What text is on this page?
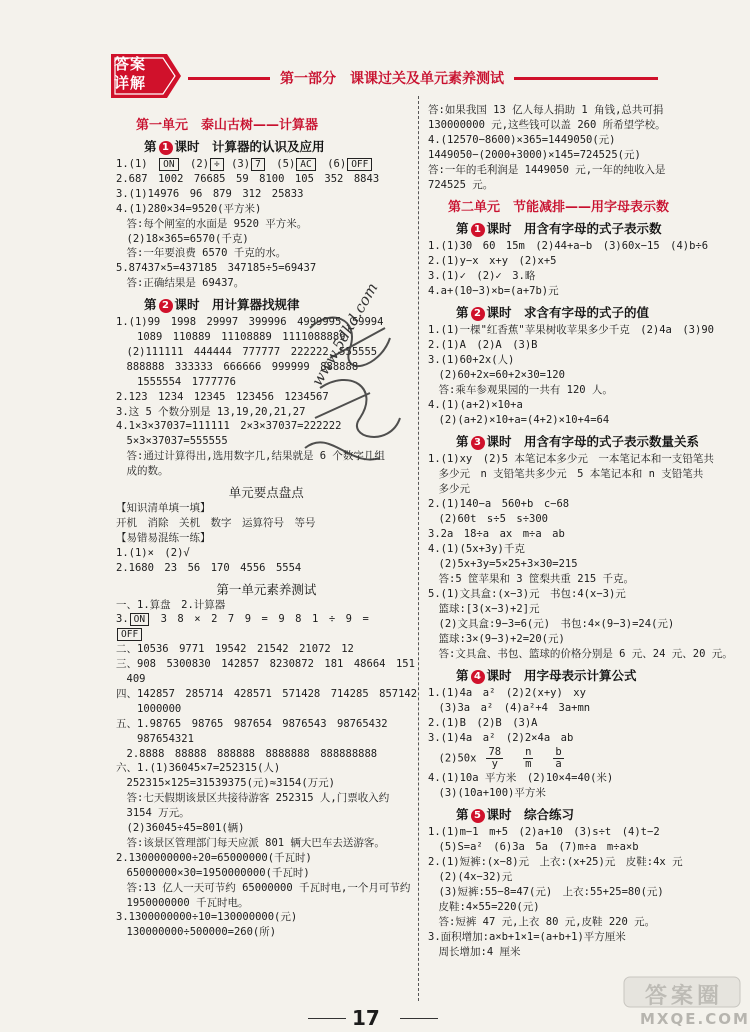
答案详解	第一部分　课课过关及单元素养测试
第一单元　泰山古树——计算器
第 1 课时　计算器的认识及应用
1.(1)　 ON　(2) ÷ (3) 7　(5) AC　(6) OFF
2.687　1002　76685　59　8100　105　352　8843
3.(1)14976　96　879　312　25833
4.(1)280×34=9520(平方米)
　答:每个闸室的水面是 9520 平方米。
　(2)18×365=6570(千克)
　答:一年要浪费 6570 千克的水。
5.87437×5=437185　347185÷5=69437
　答:正确结果是 69437。
第 2 课时　用计算器找规律
1.(1)99　1998　29997　399996　4999995　59994
　　1089　110889　11108889　1111088889
　(2)111111　444444　777777　222222　555555
　888888　333333　666666　999999　888888
　　1555554　1777776
2.123　1234　12345　123456　1234567
3.这 5 个数分别是 13,19,20,21,27
4.1×3×37037=111111　2×3×37037=222222
　5×3×37037=555555
　答:通过计算得出,选用数字几,结果就是 6 个数字几组
　成的数。
单元要点盘点
【知识清单填一填】
开机　消除　关机　数字　运算符号　等号
【易错易混练一练】
1.(1)×　(2)√
2.1680　23　56　170　4556　5554
第一单元素养测试
一、1.算盘　2.计算器
3. ON　3　8　×　2　7　9　=　9　8　1　÷　9　=
OFF
二、10536　9771　19542　21542　21072　12
三、908　5300830　142857　8230872　181　48664　151
　409
四、142857　285714　428571　571428　714285　857142
　　1000000
五、1.98765　98765　987654　9876543　98765432
　　987654321
　2.8888　88888　888888　8888888　888888888
六、1.(1)36045×7=252315(人)
　252315×125=31539375(元)≈3154(万元)
　答:七天假期该景区共接待游客 252315 人,门票收入约
　3154 万元。
　(2)36045÷45=801(辆)
　答:该景区管理部门每天应派 801 辆大巴车去送游客。
2.1300000000÷20=65000000(千瓦时)
　65000000×30=1950000000(千瓦时)
　答:13 亿人一天可节约 65000000 千瓦时电,一个月可节约
　1950000000 千瓦时电。
3.1300000000÷10=130000000(元)
　130000000÷500000=260(所)
答:如果我国 13 亿人每人捐助 1 角钱,总共可捐
130000000 元,这些钱可以盖 260 所希望学校。
4.(12570−8600)×365=1449050(元)
1449050−(2000+3000)×145=724525(元)
答:一年的毛利润是 1449050 元,一年的纯收入是
724525 元。
第二单元　节能减排——用字母表示数
第 1 课时　用含有字母的式子表示数
1.(1)30　60　15m　(2)44+a−b　(3)60x−15　(4)b÷6
2.(1)y−x　x+y　(2)x+5
3.(1)✓　(2)✓　3.略
4.a+(10−3)×b=(a+7b)元
第 2 课时　求含有字母的式子的值
1.(1)一棵"红香蕉"苹果树收苹果多少千克　(2)4a　(3)90
2.(1)A　(2)A　(3)B
3.(1)60+2x(人)
　(2)60+2x=60+2×30=120
　答:乘车参观果园的一共有 120 人。
4.(1)(a+2)×10+a
　(2)(a+2)×10+a=(4+2)×10+4=64
第 3 课时　用含有字母的式子表示数量关系
1.(1)xy　(2)5 本笔记本多少元　一本笔记本和一支铅笔共
　多少元　n 支铅笔共多少元　5 本笔记本和 n 支铅笔共
　多少元
2.(1)140−a　560+b　c−68
　(2)60t　s÷5　s÷300
3.2a　18÷a　ax　m÷a　ab
4.(1)(5x+3y)千克
　(2)5x+3y=5×25+3×30=215
　答:5 筐苹果和 3 筐梨共重 215 千克。
5.(1)文具盒:(x−3)元　书包:4(x−3)元
　篮球:[3(x−3)+2]元
　(2)文具盒:9−3=6(元)　书包:4×(9−3)=24(元)
　篮球:3×(9−3)+2=20(元)
　答:文具盒、书包、篮球的价格分别是 6 元、24 元、20 元。
第 4 课时　用字母表示计算公式
1.(1)4a　a²　(2)2(x+y)　xy
　(3)3a　a²　(4)a²+4　3a+mn
2.(1)B　(2)B　(3)A
3.(1)4a　a²　(2)2×4a　ab
　$(2)50x \frac{78}{y} \frac{n}{m} \frac{b}{a}$
4.(1)10a 平方米　(2)10×4=40(米)
　(3)(10a+100)平方米
第 5 课时　综合练习
1.(1)m−1　m+5　(2)a+10　(3)s÷t　(4)t−2
　(5)S=a²　(6)3a　5a　(7)m÷a　m÷a×b
2.(1)短裤:(x−8)元　上衣:(x+25)元　皮鞋:4x 元
　(2)(4x−32)元
　(3)短裤:55−8=47(元)　上衣:55+25=80(元)
　皮鞋:4×55=220(元)
　答:短裤 47 元,上衣 80 元,皮鞋 220 元。
3.面积增加:a×b+1×1=(a+b+1)平方厘米
　周长增加:4 厘米
www.5dkd.com
17
答案圈
MXQE.COM
